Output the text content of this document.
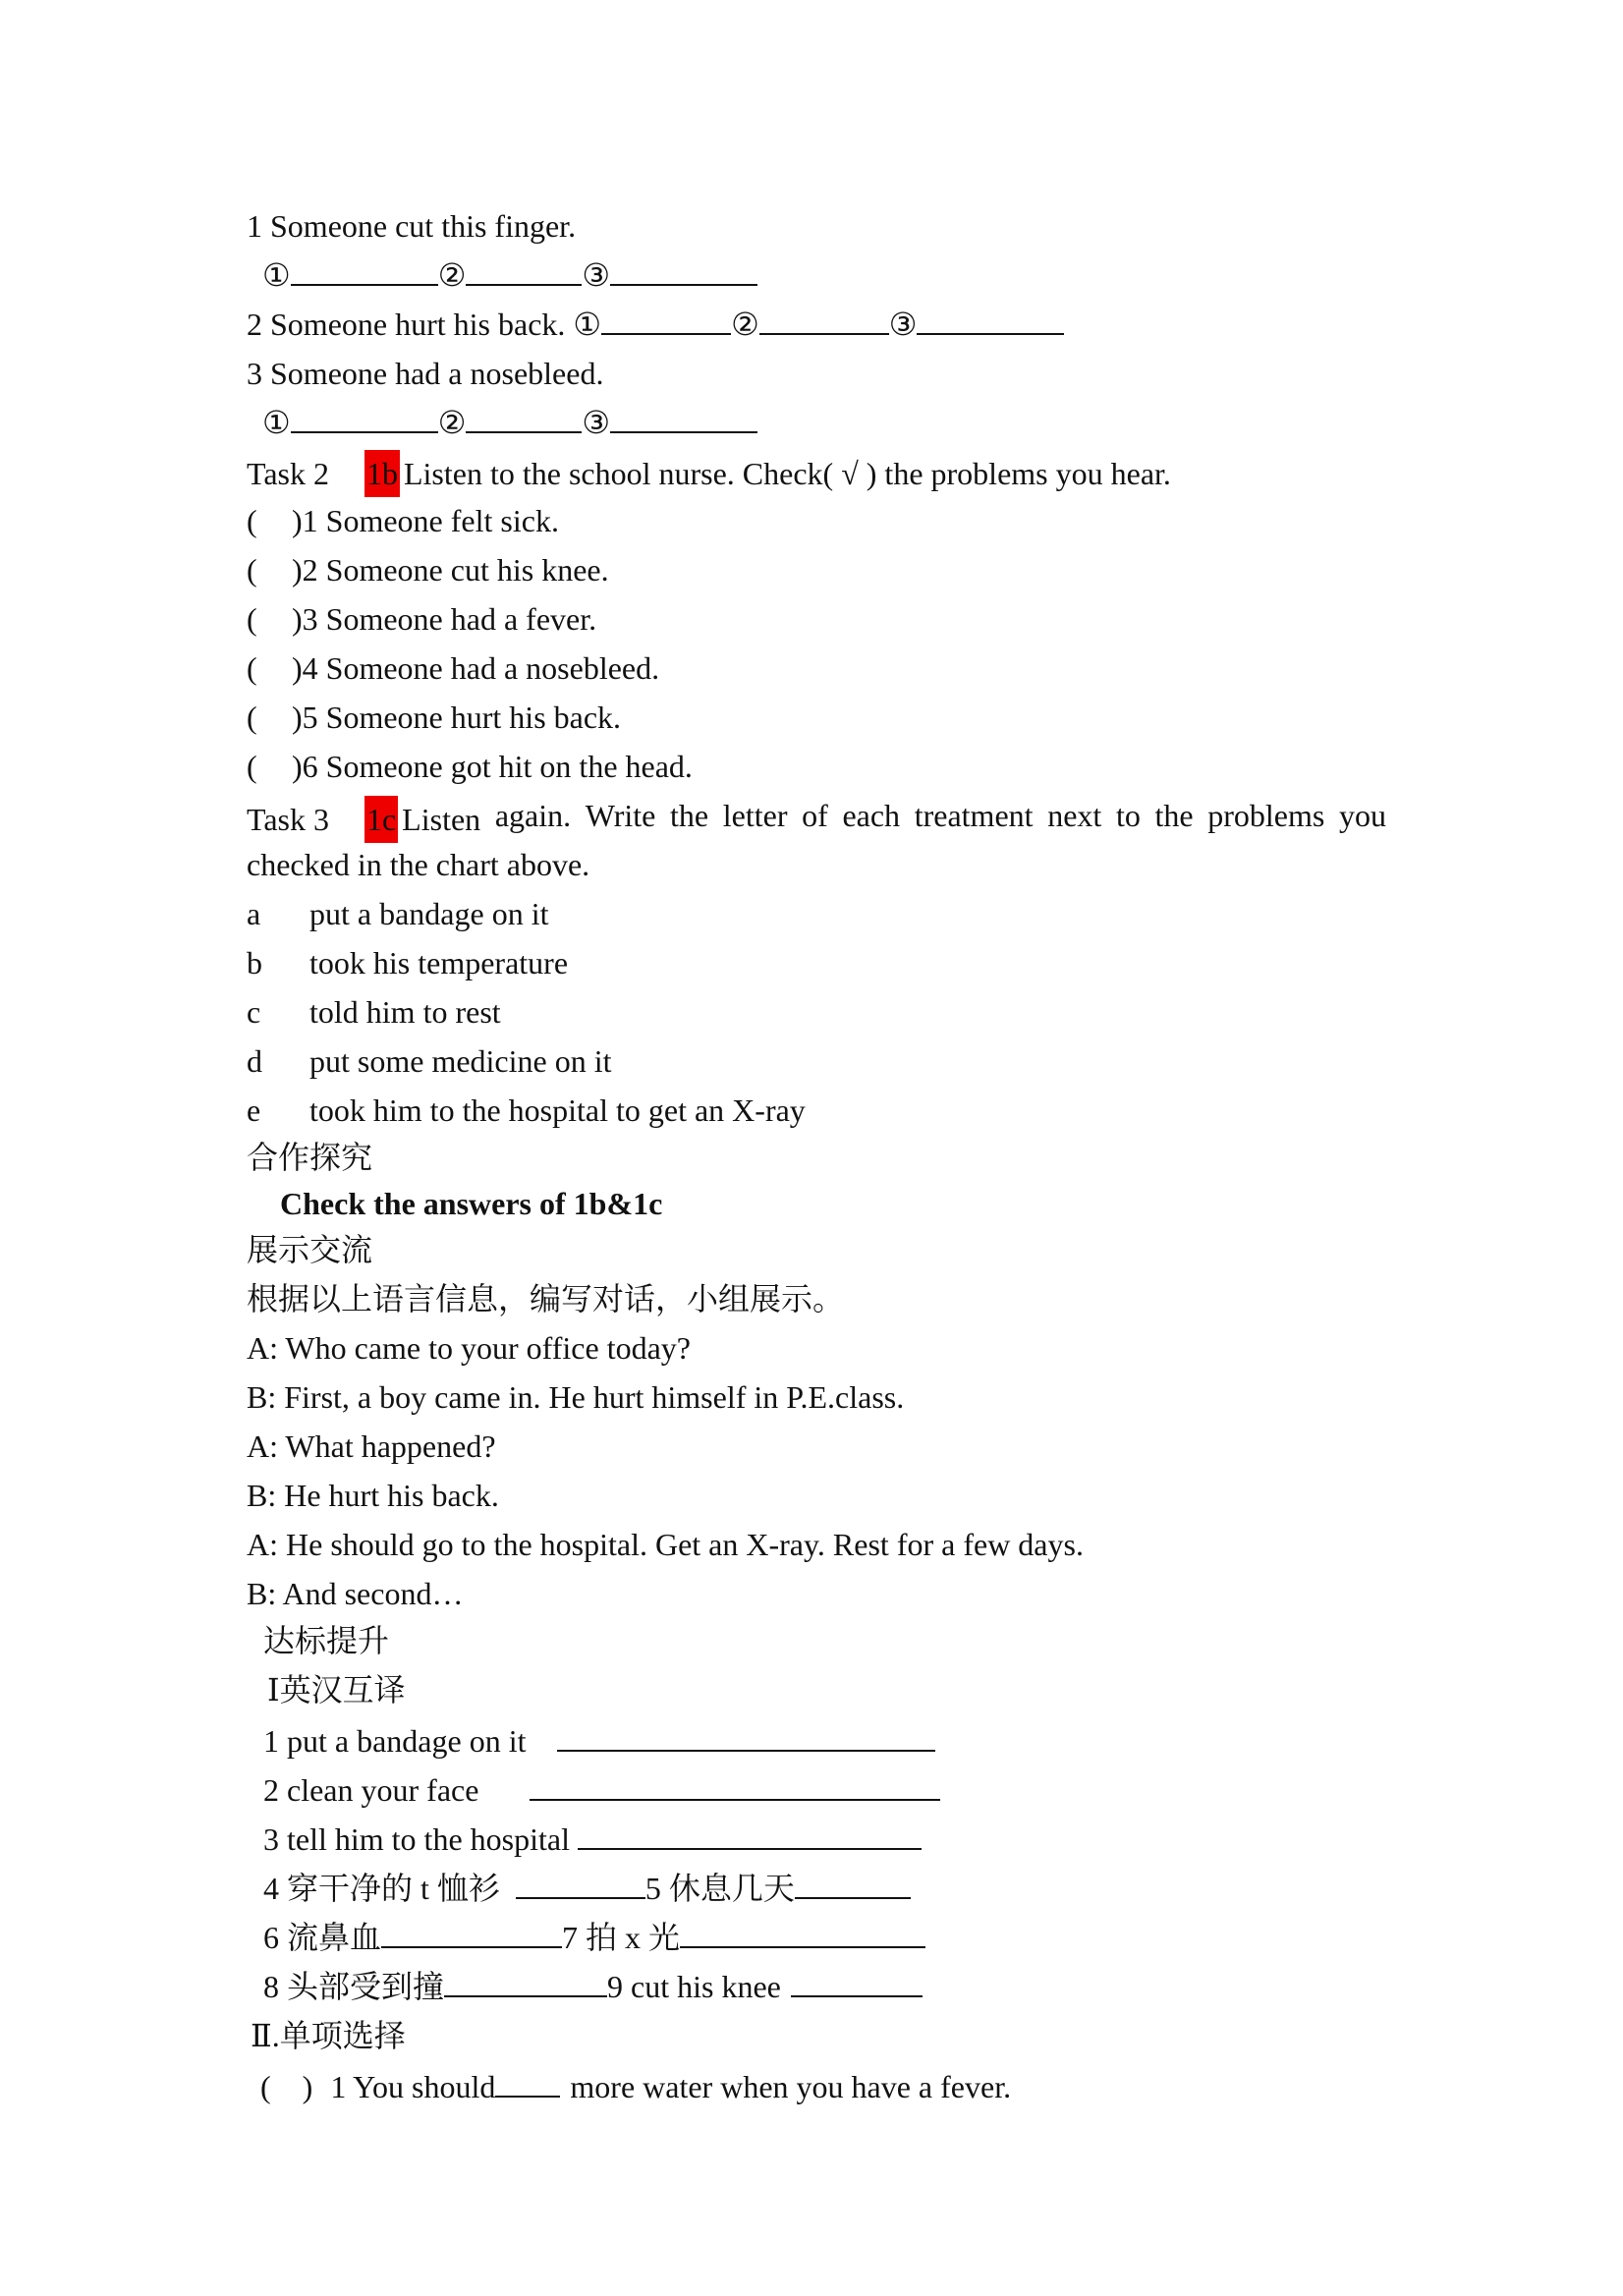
1 Someone cut this finger.
①	②	③
2 Someone hurt his back. ①	②	③
3 Someone had a nosebleed.
①	②	③
Task 2 1b Listen to the school nurse. Check( √ ) the problems you hear.
( )1 Someone felt sick.
( )2 Someone cut his knee.
( )3 Someone had a fever.
( )4 Someone had a nosebleed.
( )5 Someone hurt his back.
( )6 Someone got hit on the head.
Task 3 1c Listen again. Write the letter of each treatment next to the problems you
checked in the chart above.
a put a bandage on it
b took his temperature
c told him to rest
d put some medicine on it
e took him to the hospital to get an X-ray
合作探究
Check the answers of 1b&1c
展示交流
根据以上语言信息，编写对话，小组展示。
A: Who came to your office today?
B: First, a boy came in. He hurt himself in P.E.class.
A: What happened?
B: He hurt his back.
A: He should go to the hospital. Get an X-ray. Rest for a few days.
B: And second…
达标提升
Ⅰ英汉互译
1 put a bandage on it
2 clean your face
3 tell him to the hospital
4 穿干净的 t 恤衫	5 休息几天
6 流鼻血	7 拍 x 光
8 头部受到撞	9 cut his knee
Ⅱ.单项选择
(　) 1 You should more water when you have a fever.
